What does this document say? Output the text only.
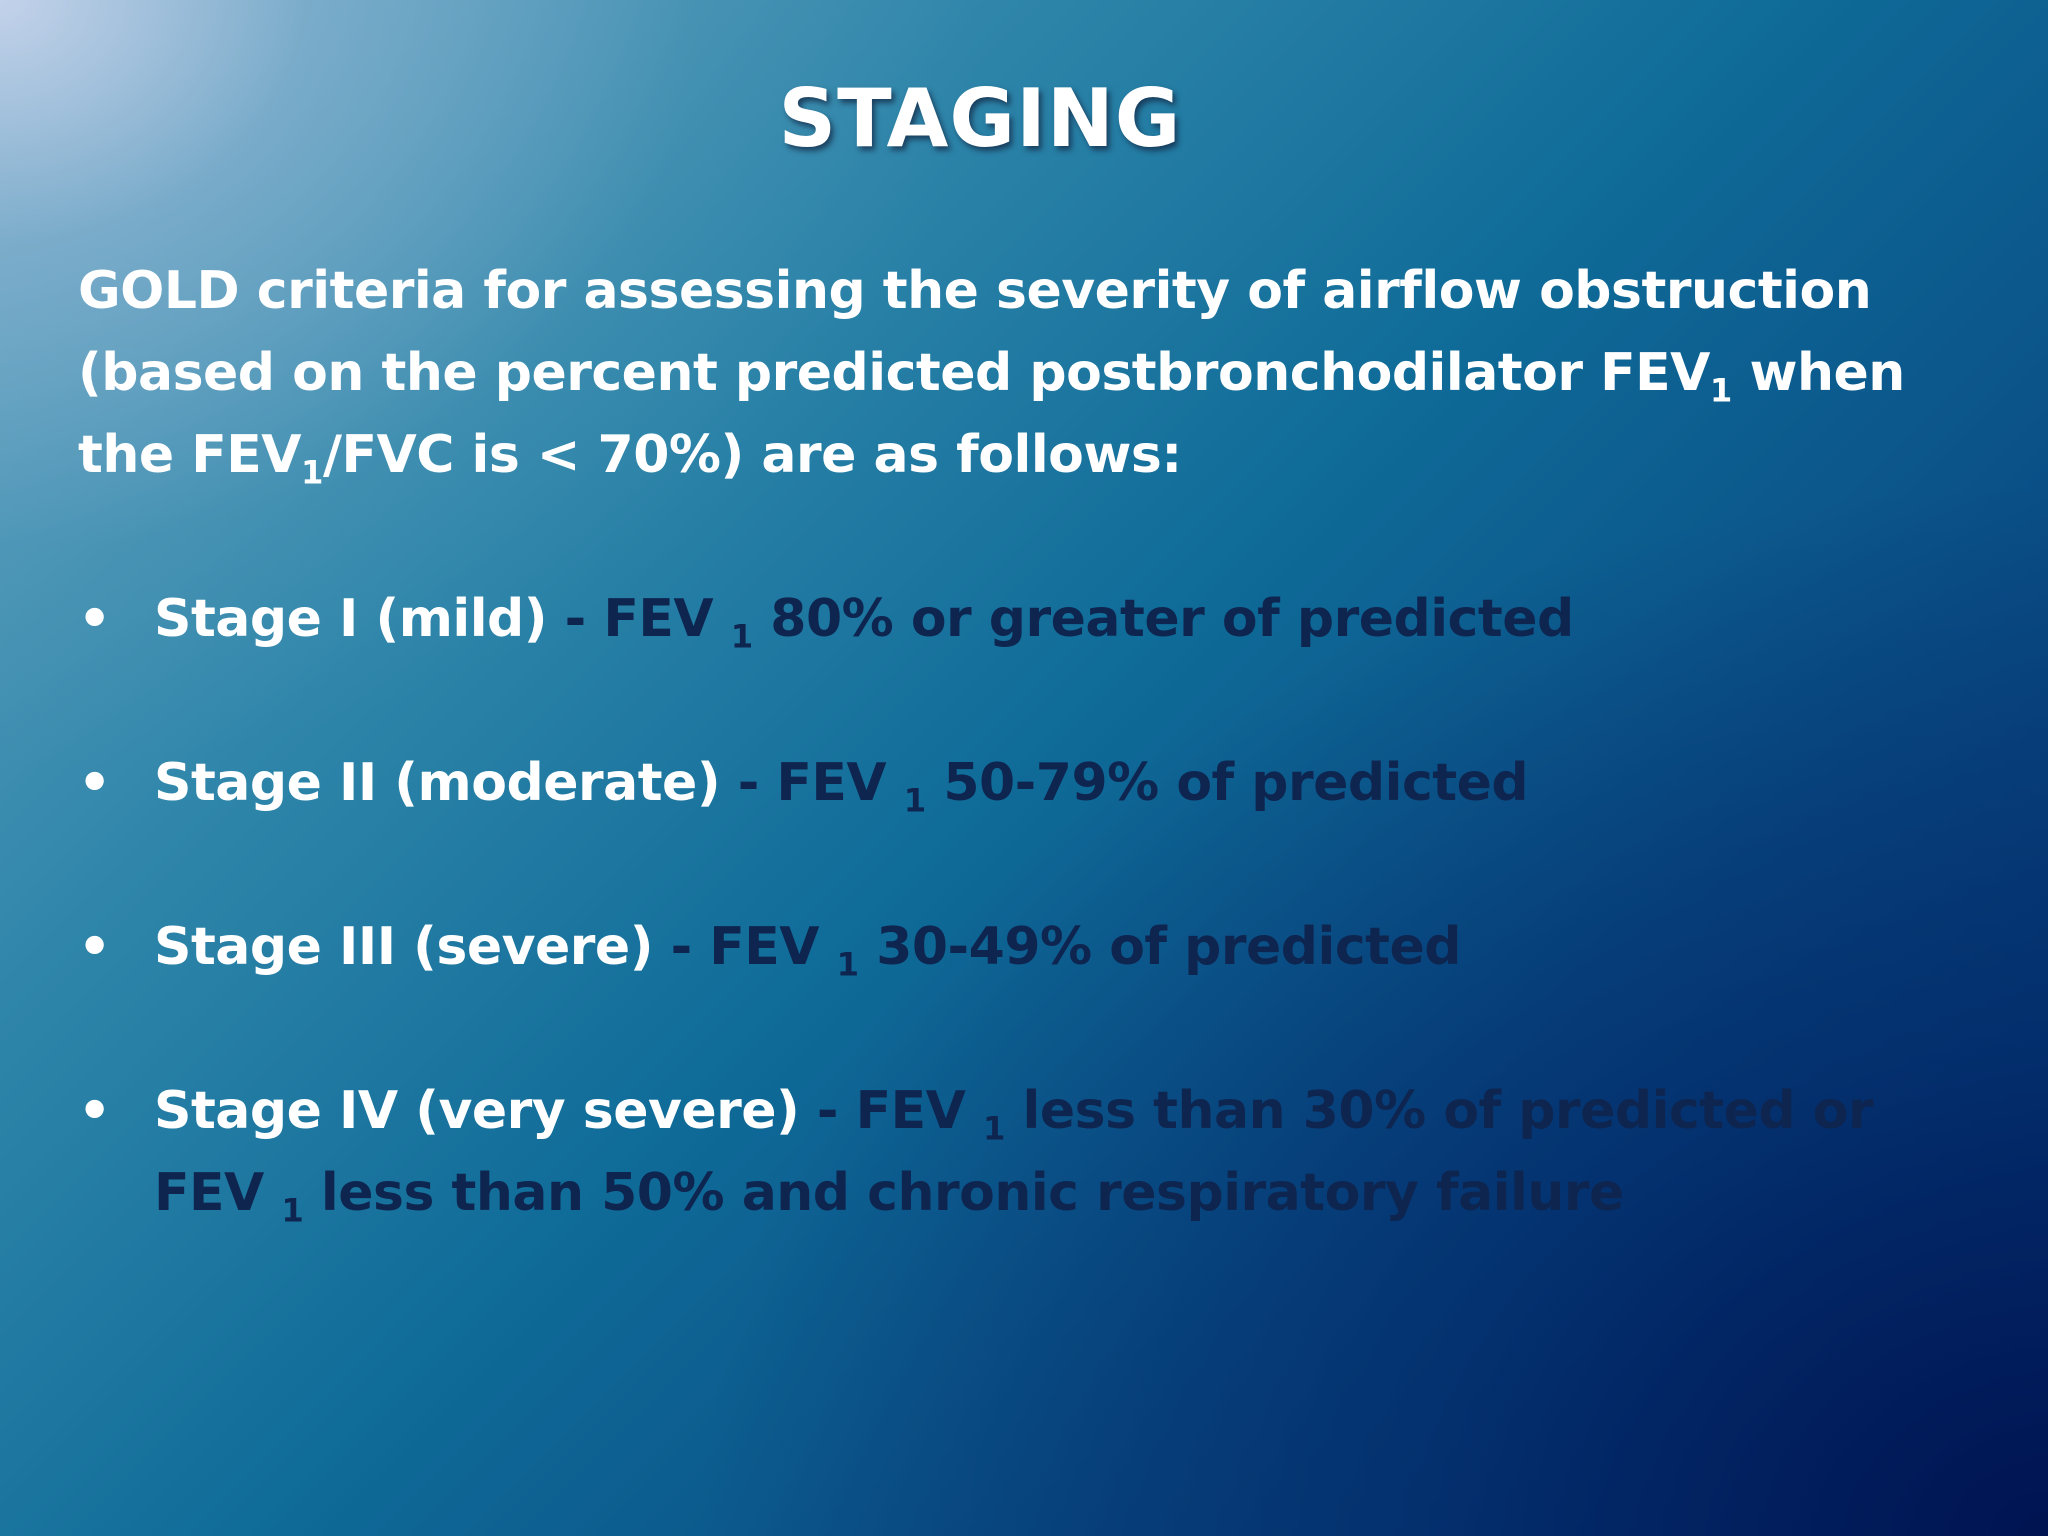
STAGING
GOLD criteria for assessing the severity of airflow obstruction
(based on the percent predicted postbronchodilator $FEV_1$ when
the $FEV_1$/FVC is < 70%) are as follows:
• Stage I (mild) - FEV $_1$ 80% or greater of predicted
• Stage II (moderate) - FEV $_1$ 50-79% of predicted
• Stage III (severe) - FEV $_1$ 30-49% of predicted
• Stage IV (very severe) - FEV $_1$ less than 30% of predicted or FEV $_1$ less than 50% and chronic respiratory failure
